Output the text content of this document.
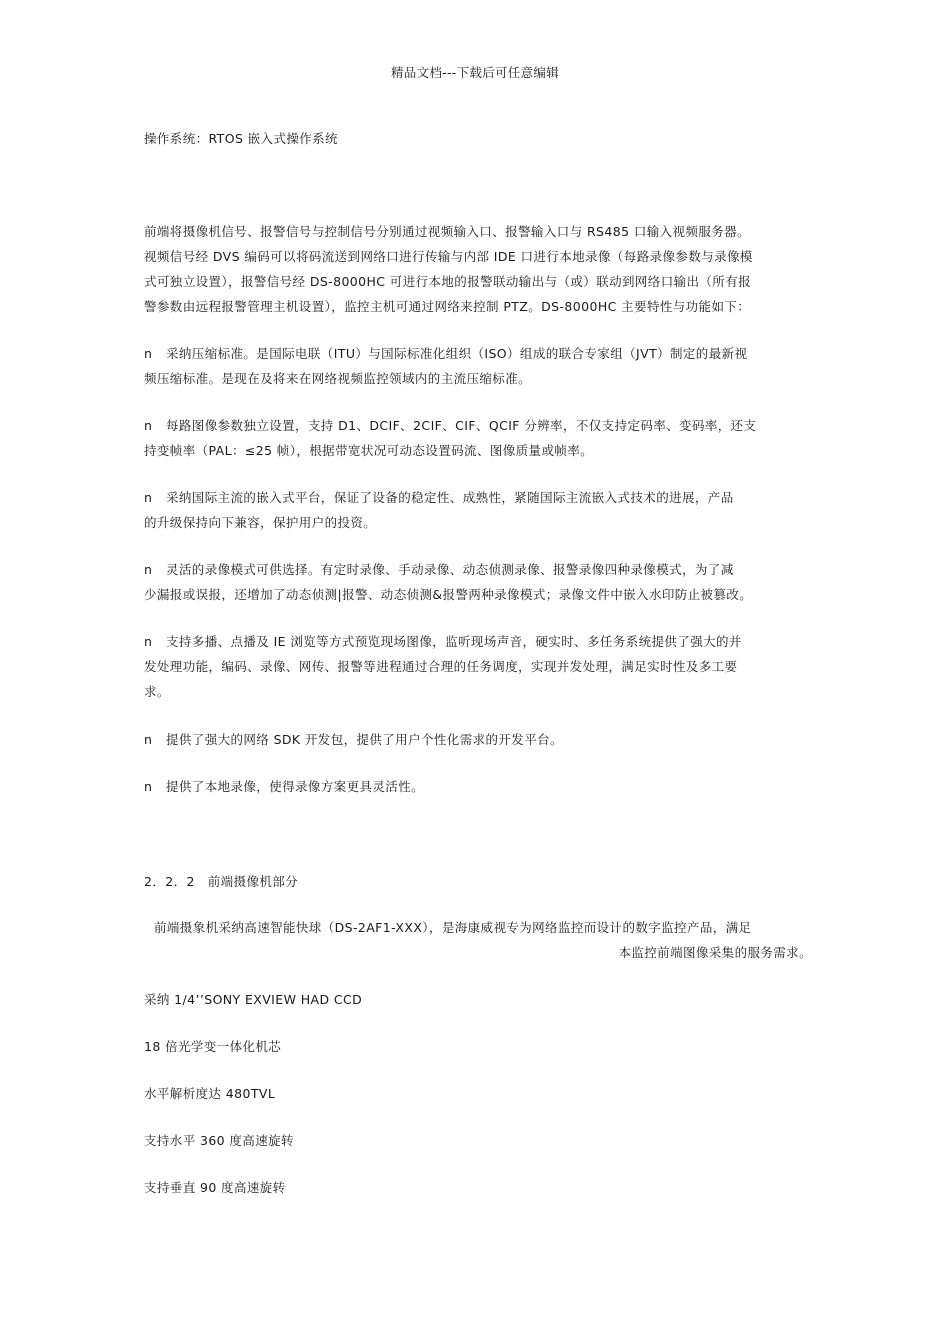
精品文档---下载后可任意编辑
操作系统：RTOS 嵌入式操作系统
前端将摄像机信号、报警信号与控制信号分别通过视频输入口、报警输入口与 RS485 口输入视频服务器。
视频信号经 DVS 编码可以将码流送到网络口进行传输与内部 IDE 口进行本地录像（每路录像参数与录像模
式可独立设置），报警信号经 DS-8000HC 可进行本地的报警联动输出与（或）联动到网络口输出（所有报
警参数由远程报警管理主机设置），监控主机可通过网络来控制 PTZ。DS-8000HC 主要特性与功能如下：
n 采纳压缩标准。是国际电联（ITU）与国际标准化组织（ISO）组成的联合专家组（JVT）制定的最新视
频压缩标准。是现在及将来在网络视频监控领域内的主流压缩标准。
n 每路图像参数独立设置，支持 D1、DCIF、2CIF、CIF、QCIF 分辨率，不仅支持定码率、变码率，还支
持变帧率（PAL：≤25 帧），根据带宽状况可动态设置码流、图像质量或帧率。
n 采纳国际主流的嵌入式平台，保证了设备的稳定性、成熟性，紧随国际主流嵌入式技术的进展，产品
的升级保持向下兼容，保护用户的投资。
n 灵活的录像模式可供选择。有定时录像、手动录像、动态侦测录像、报警录像四种录像模式，为了减
少漏报或误报，还增加了动态侦测|报警、动态侦测&报警两种录像模式；录像文件中嵌入水印防止被篡改。
n 支持多播、点播及 IE 浏览等方式预览现场图像，监听现场声音，硬实时、多任务系统提供了强大的并
发处理功能，编码、录像、网传、报警等进程通过合理的任务调度，实现并发处理，满足实时性及多工要
求。
n 提供了强大的网络 SDK 开发包，提供了用户个性化需求的开发平台。
n 提供了本地录像，使得录像方案更具灵活性。
2．2．2　前端摄像机部分
前端摄象机采纳高速智能快球（DS-2AF1-XXX），是海康威视专为网络监控而设计的数字监控产品，满足
本监控前端图像采集的服务需求。
采纳 1/4’’SONY EXVIEW HAD CCD
18 倍光学变一体化机芯
水平解析度达 480TVL
支持水平 360 度高速旋转
支持垂直 90 度高速旋转
